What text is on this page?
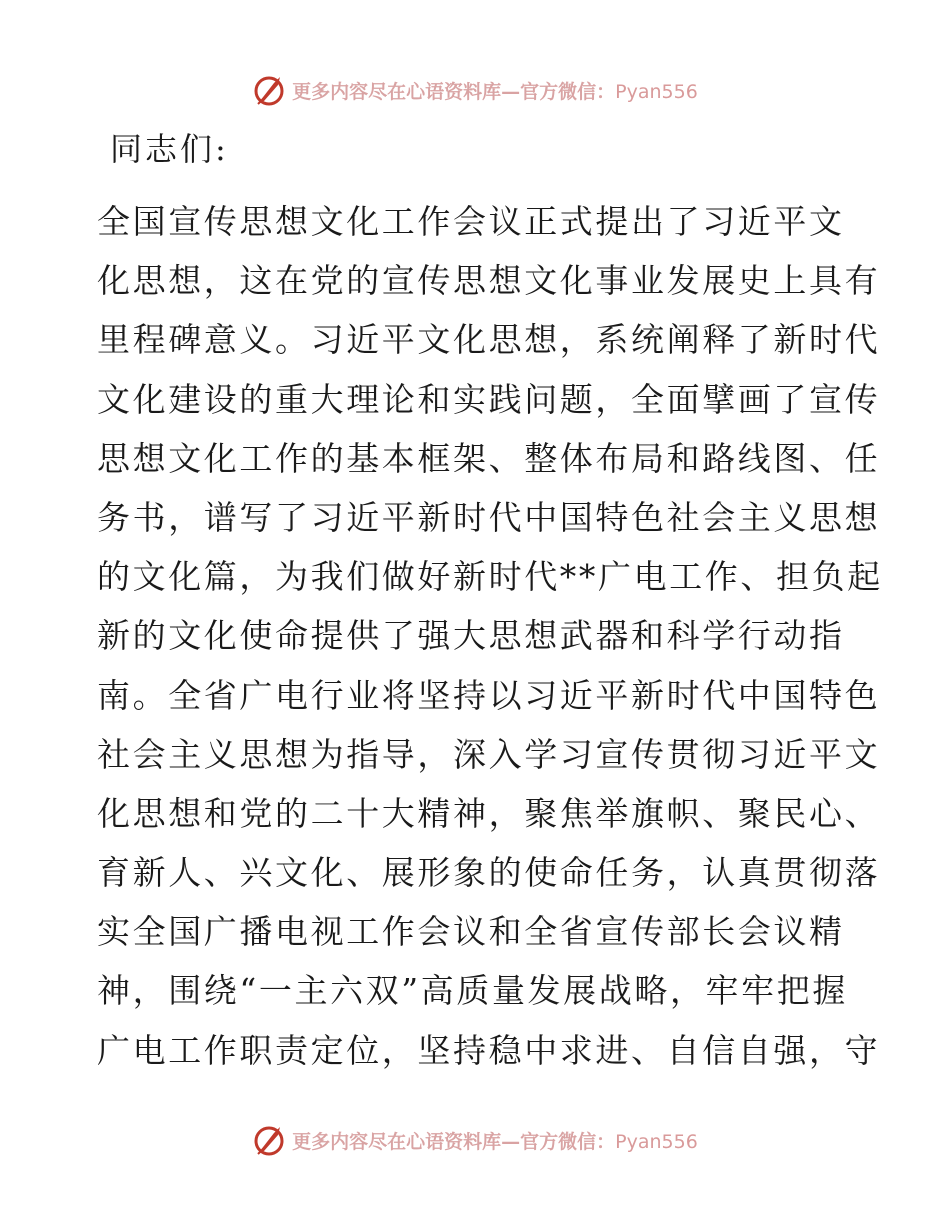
更多内容尽在心语资料库—官方微信：Pyan556
同志们:
全国宣传思想文化工作会议正式提出了习近平文
化思想，这在党的宣传思想文化事业发展史上具有
里程碑意义。习近平文化思想，系统阐释了新时代
文化建设的重大理论和实践问题，全面擘画了宣传
思想文化工作的基本框架、整体布局和路线图、任
务书，谱写了习近平新时代中国特色社会主义思想
的文化篇，为我们做好新时代**广电工作、担负起
新的文化使命提供了强大思想武器和科学行动指
南。全省广电行业将坚持以习近平新时代中国特色
社会主义思想为指导，深入学习宣传贯彻习近平文
化思想和党的二十大精神，聚焦举旗帜、聚民心、
育新人、兴文化、展形象的使命任务，认真贯彻落
实全国广播电视工作会议和全省宣传部长会议精
神，围绕“一主六双”高质量发展战略，牢牢把握
广电工作职责定位，坚持稳中求进、自信自强，守
更多内容尽在心语资料库—官方微信：Pyan556
